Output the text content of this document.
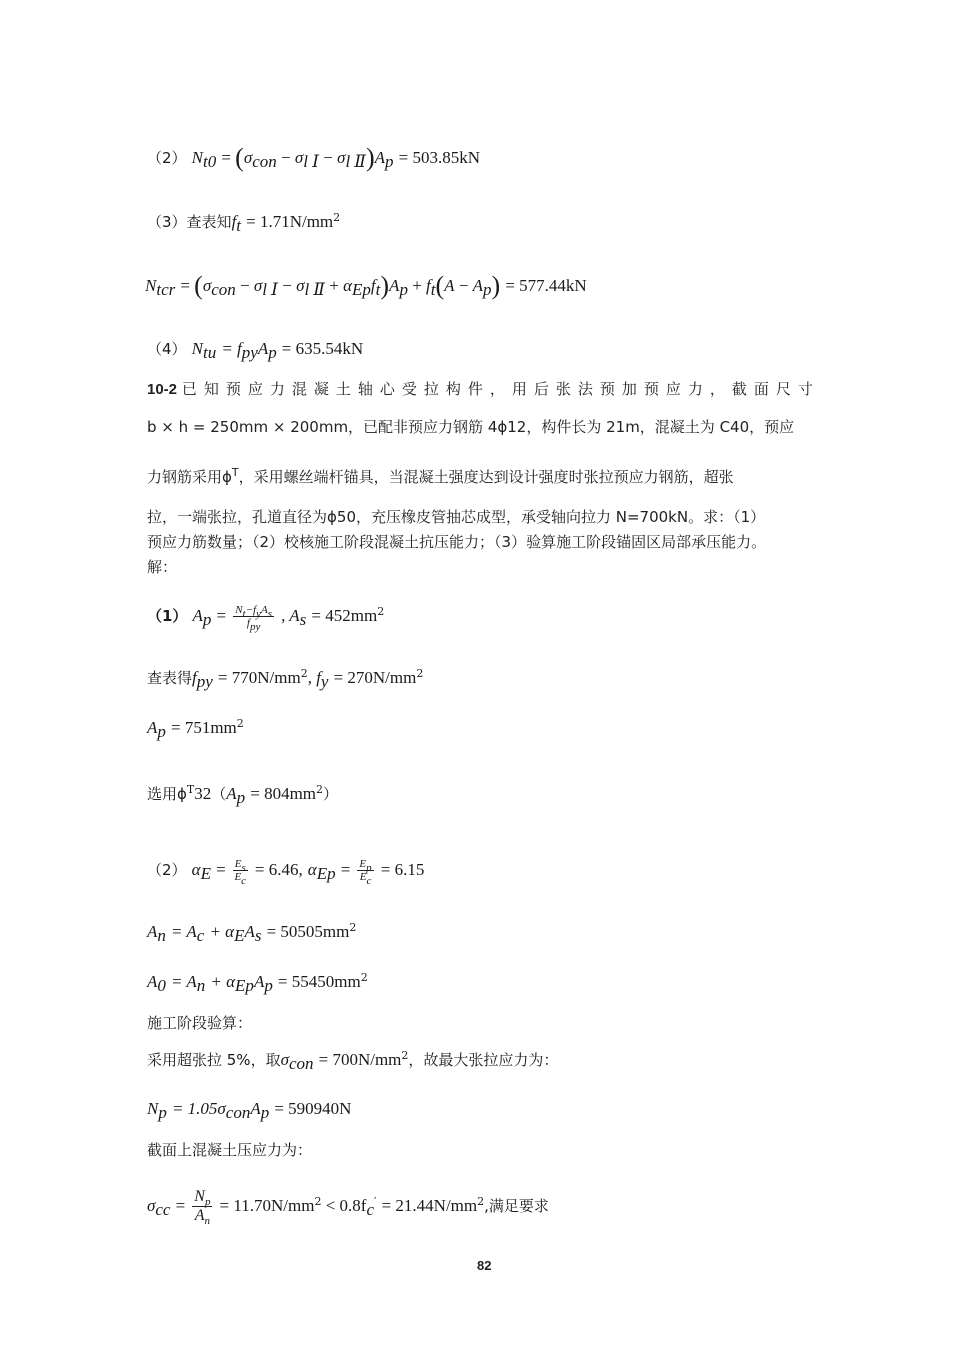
（2） $N_{t0} = (\sigma_{con} - \sigma_{l Ⅰ} - \sigma_{l Ⅱ})A_p = 503.85kN$
（3）查表知$f_t = 1.71N/mm^2$
$N_{tcr} = (\sigma_{con} - \sigma_{l Ⅰ} - \sigma_{l Ⅱ} + \alpha_{Ep}f_t)A_p + f_t(A - A_p) = 577.44kN$
（4） $N_{tu} = f_{py}A_p = 635.54kN$
10-2 已知预应力混凝土轴心受拉构件，用后张法预加预应力，截面尺寸
b × h = 250mm × 200mm，已配非预应力钢筋 4ϕ12，构件长为 21m，混凝土为 C40，预应
力钢筋采用$\phi^T$，采用螺丝端杆锚具，当混凝土强度达到设计强度时张拉预应力钢筋，超张
拉，一端张拉，孔道直径为ϕ50，充压橡皮管抽芯成型，承受轴向拉力 N=700kN。求：（1）
预应力筋数量；（2）校核施工阶段混凝土抗压能力；（3）验算施工阶段锚固区局部承压能力。
解：
（1） $A_p = \frac{N_t-f_yA_s}{f_{py}}$ , $A_s = 452mm^2$
查表得$f_{py} = 770N/mm^2$, $f_y = 270N/mm^2$
$A_p = 751mm^2$
选用$\phi^T32(A_p = 804mm^2)$
（2） $\alpha_E = \frac{E_s}{E_c} = 6.46$, $\alpha_{Ep} = \frac{E_p}{E_c} = 6.15$
$A_n = A_c + \alpha_EA_s = 50505mm^2$
$A_0 = A_n + \alpha_{Ep}A_p = 55450mm^2$
施工阶段验算：
采用超张拉 5%，取$\sigma_{con} = 700N/mm^2$，故最大张拉应力为：
$N_p = 1.05\sigma_{con}A_p = 590940N$
截面上混凝土压应力为：
$\sigma_{cc} = \frac{N_p}{A_n} = 11.70N/mm^2 < 0.8f_c' = 21.44N/mm^2$,满足要求
82
